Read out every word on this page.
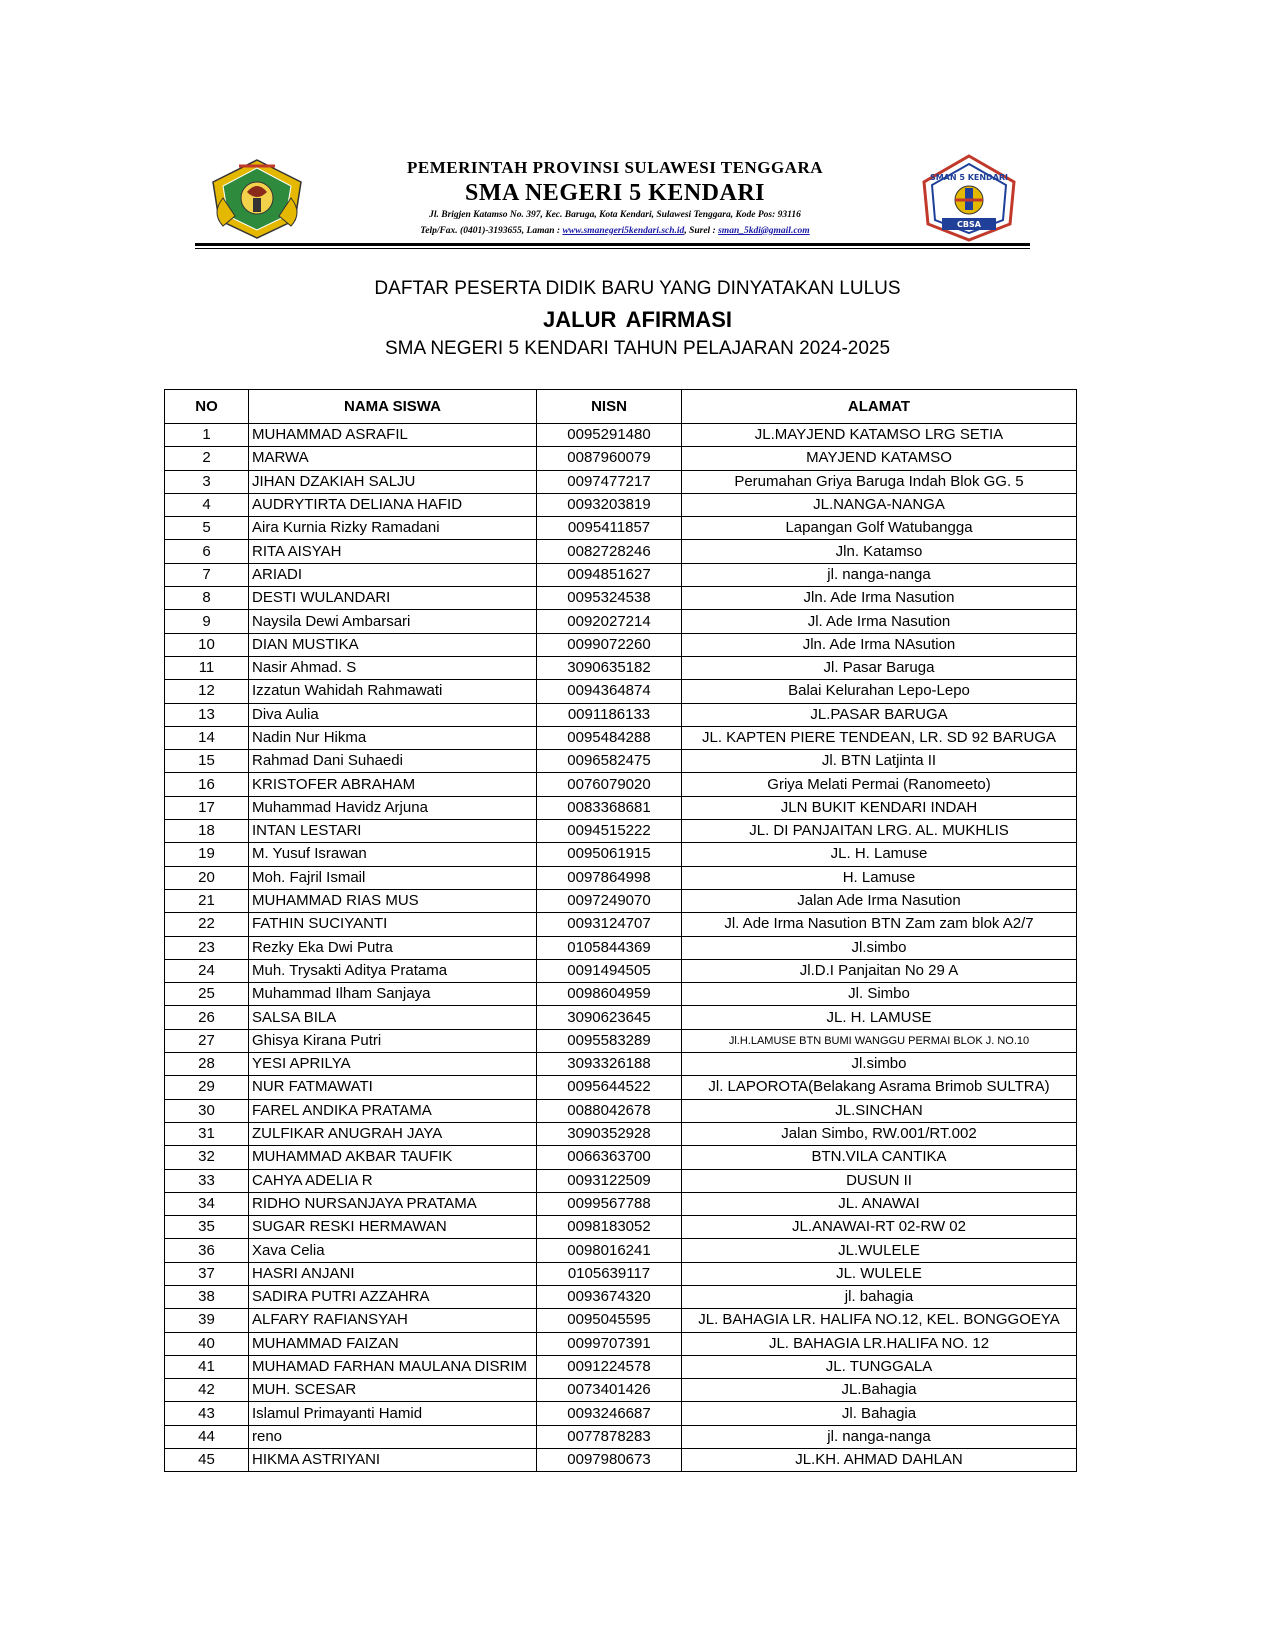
PEMERINTAH PROVINSI SULAWESI TENGGARA
SMA NEGERI 5 KENDARI
Jl. Brigjen Katamso No. 397, Kec. Baruga, Kota Kendari, Sulawesi Tenggara, Kode Pos: 93116
Telp/Fax. (0401)-3193655, Laman : www.smanegeri5kendari.sch.id, Surel : sman_5kdi@gmail.com
SMAN 5 KENDARI
CBSA
DAFTAR PESERTA DIDIK BARU YANG DINYATAKAN LULUS
JALUR AFIRMASI
SMA NEGERI 5 KENDARI TAHUN PELAJARAN 2024-2025
NO	NAMA SISWA	NISN	ALAMAT
1	MUHAMMAD ASRAFIL	0095291480	JL.MAYJEND KATAMSO LRG SETIA
2	MARWA	0087960079	MAYJEND KATAMSO
3	JIHAN DZAKIAH SALJU	0097477217	Perumahan Griya Baruga Indah Blok GG. 5
4	AUDRYTIRTA DELIANA HAFID	0093203819	JL.NANGA-NANGA
5	Aira Kurnia Rizky Ramadani	0095411857	Lapangan Golf Watubangga
6	RITA AISYAH	0082728246	Jln. Katamso
7	ARIADI	0094851627	jl. nanga-nanga
8	DESTI WULANDARI	0095324538	Jln. Ade Irma Nasution
9	Naysila Dewi Ambarsari	0092027214	Jl. Ade Irma Nasution
10	DIAN MUSTIKA	0099072260	Jln. Ade Irma NAsution
11	Nasir Ahmad. S	3090635182	Jl. Pasar Baruga
12	Izzatun Wahidah Rahmawati	0094364874	Balai Kelurahan Lepo-Lepo
13	Diva Aulia	0091186133	JL.PASAR BARUGA
14	Nadin Nur Hikma	0095484288	JL. KAPTEN PIERE TENDEAN, LR. SD 92 BARUGA
15	Rahmad Dani Suhaedi	0096582475	Jl. BTN Latjinta II
16	KRISTOFER ABRAHAM	0076079020	Griya Melati Permai (Ranomeeto)
17	Muhammad Havidz Arjuna	0083368681	JLN BUKIT KENDARI INDAH
18	INTAN LESTARI	0094515222	JL. DI PANJAITAN LRG. AL. MUKHLIS
19	M. Yusuf Israwan	0095061915	JL. H. Lamuse
20	Moh. Fajril Ismail	0097864998	H. Lamuse
21	MUHAMMAD RIAS MUS	0097249070	Jalan Ade Irma Nasution
22	FATHIN SUCIYANTI	0093124707	Jl. Ade Irma Nasution BTN Zam zam blok A2/7
23	Rezky Eka Dwi Putra	0105844369	Jl.simbo
24	Muh. Trysakti Aditya Pratama	0091494505	Jl.D.I Panjaitan No 29 A
25	Muhammad Ilham Sanjaya	0098604959	Jl. Simbo
26	SALSA BILA	3090623645	JL. H. LAMUSE
27	Ghisya Kirana Putri	0095583289	Jl.H.LAMUSE BTN BUMI WANGGU PERMAI BLOK J. NO.10
28	YESI APRILYA	3093326188	Jl.simbo
29	NUR FATMAWATI	0095644522	Jl. LAPOROTA(Belakang Asrama Brimob SULTRA)
30	FAREL ANDIKA PRATAMA	0088042678	JL.SINCHAN
31	ZULFIKAR ANUGRAH JAYA	3090352928	Jalan Simbo, RW.001/RT.002
32	MUHAMMAD AKBAR TAUFIK	0066363700	BTN.VILA CANTIKA
33	CAHYA ADELIA R	0093122509	DUSUN II
34	RIDHO NURSANJAYA PRATAMA	0099567788	JL. ANAWAI
35	SUGAR RESKI HERMAWAN	0098183052	JL.ANAWAI-RT 02-RW 02
36	Xava Celia	0098016241	JL.WULELE
37	HASRI ANJANI	0105639117	JL. WULELE
38	SADIRA PUTRI AZZAHRA	0093674320	jl. bahagia
39	ALFARY RAFIANSYAH	0095045595	JL. BAHAGIA LR. HALIFA NO.12, KEL. BONGGOEYA
40	MUHAMMAD FAIZAN	0099707391	JL. BAHAGIA LR.HALIFA NO. 12
41	MUHAMAD FARHAN MAULANA DISRIM	0091224578	JL. TUNGGALA
42	MUH. SCESAR	0073401426	JL.Bahagia
43	Islamul Primayanti Hamid	0093246687	Jl. Bahagia
44	reno	0077878283	jl. nanga-nanga
45	HIKMA ASTRIYANI	0097980673	JL.KH. AHMAD DAHLAN
